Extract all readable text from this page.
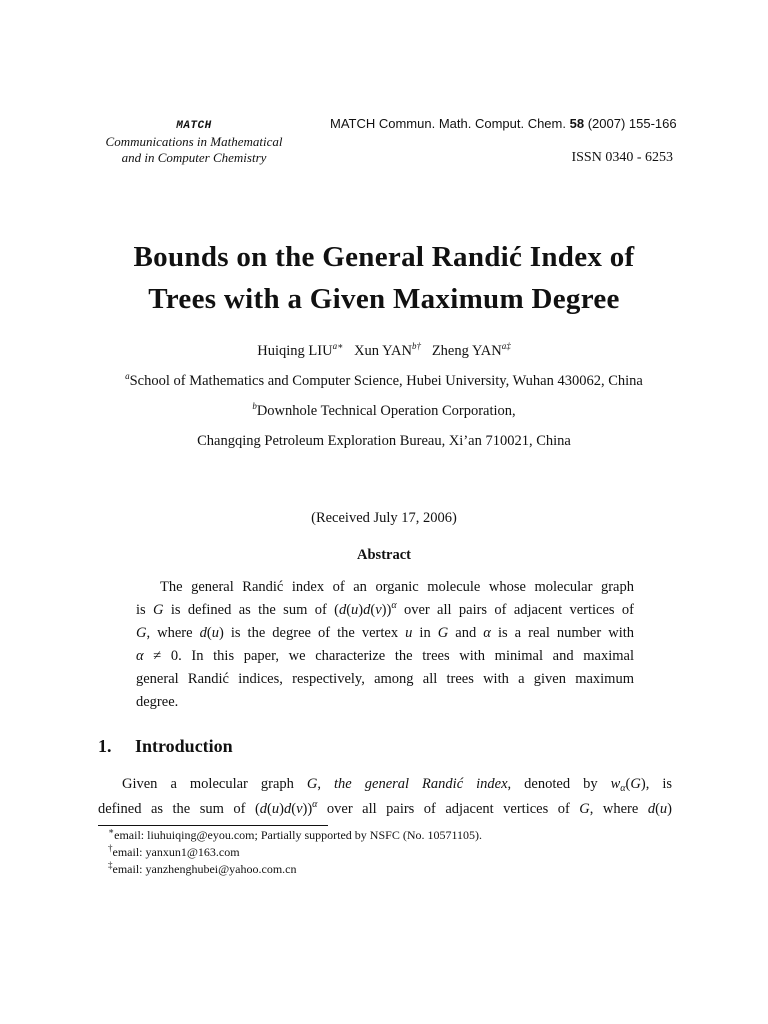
MATCH
Communications in Mathematical
and in Computer Chemistry
MATCH Commun. Math. Comput. Chem. 58 (2007) 155-166
ISSN 0340 - 6253
Bounds on the General Randić Index of
Trees with a Given Maximum Degree
Huiqing $LIU^{a∗}$ Xun $YAN^{b\dagger}$ Zheng $YAN^{a\ddagger}$
$^a$School of Mathematics and Computer Science, Hubei University, Wuhan 430062, China
$^b$Downhole Technical Operation Corporation,
Changqing Petroleum Exploration Bureau, Xi’an 710021, China
(Received July 17, 2006)
Abstract
The general Randić index of an organic molecule whose molecular graph
is G is defined as the sum of $(d(u)d(v))^\alpha$ over all pairs of adjacent vertices of
G, where d(u) is the degree of the vertex u in G and α is a real number with
α ≠ 0. In this paper, we characterize the trees with minimal and maximal
general Randić indices, respectively, among all trees with a given maximum
degree.
1. Introduction
Given a molecular graph G, the general Randić index, denoted by $w_\alpha(G)$, is
defined as the sum of $(d(u)d(v))^\alpha$ over all pairs of adjacent vertices of G, where d(u)
∗email: liuhuiqing@eyou.com; Partially supported by NSFC (No. 10571105).
†email: yanxun1@163.com
‡email: yanzhenghubei@yahoo.com.cn
